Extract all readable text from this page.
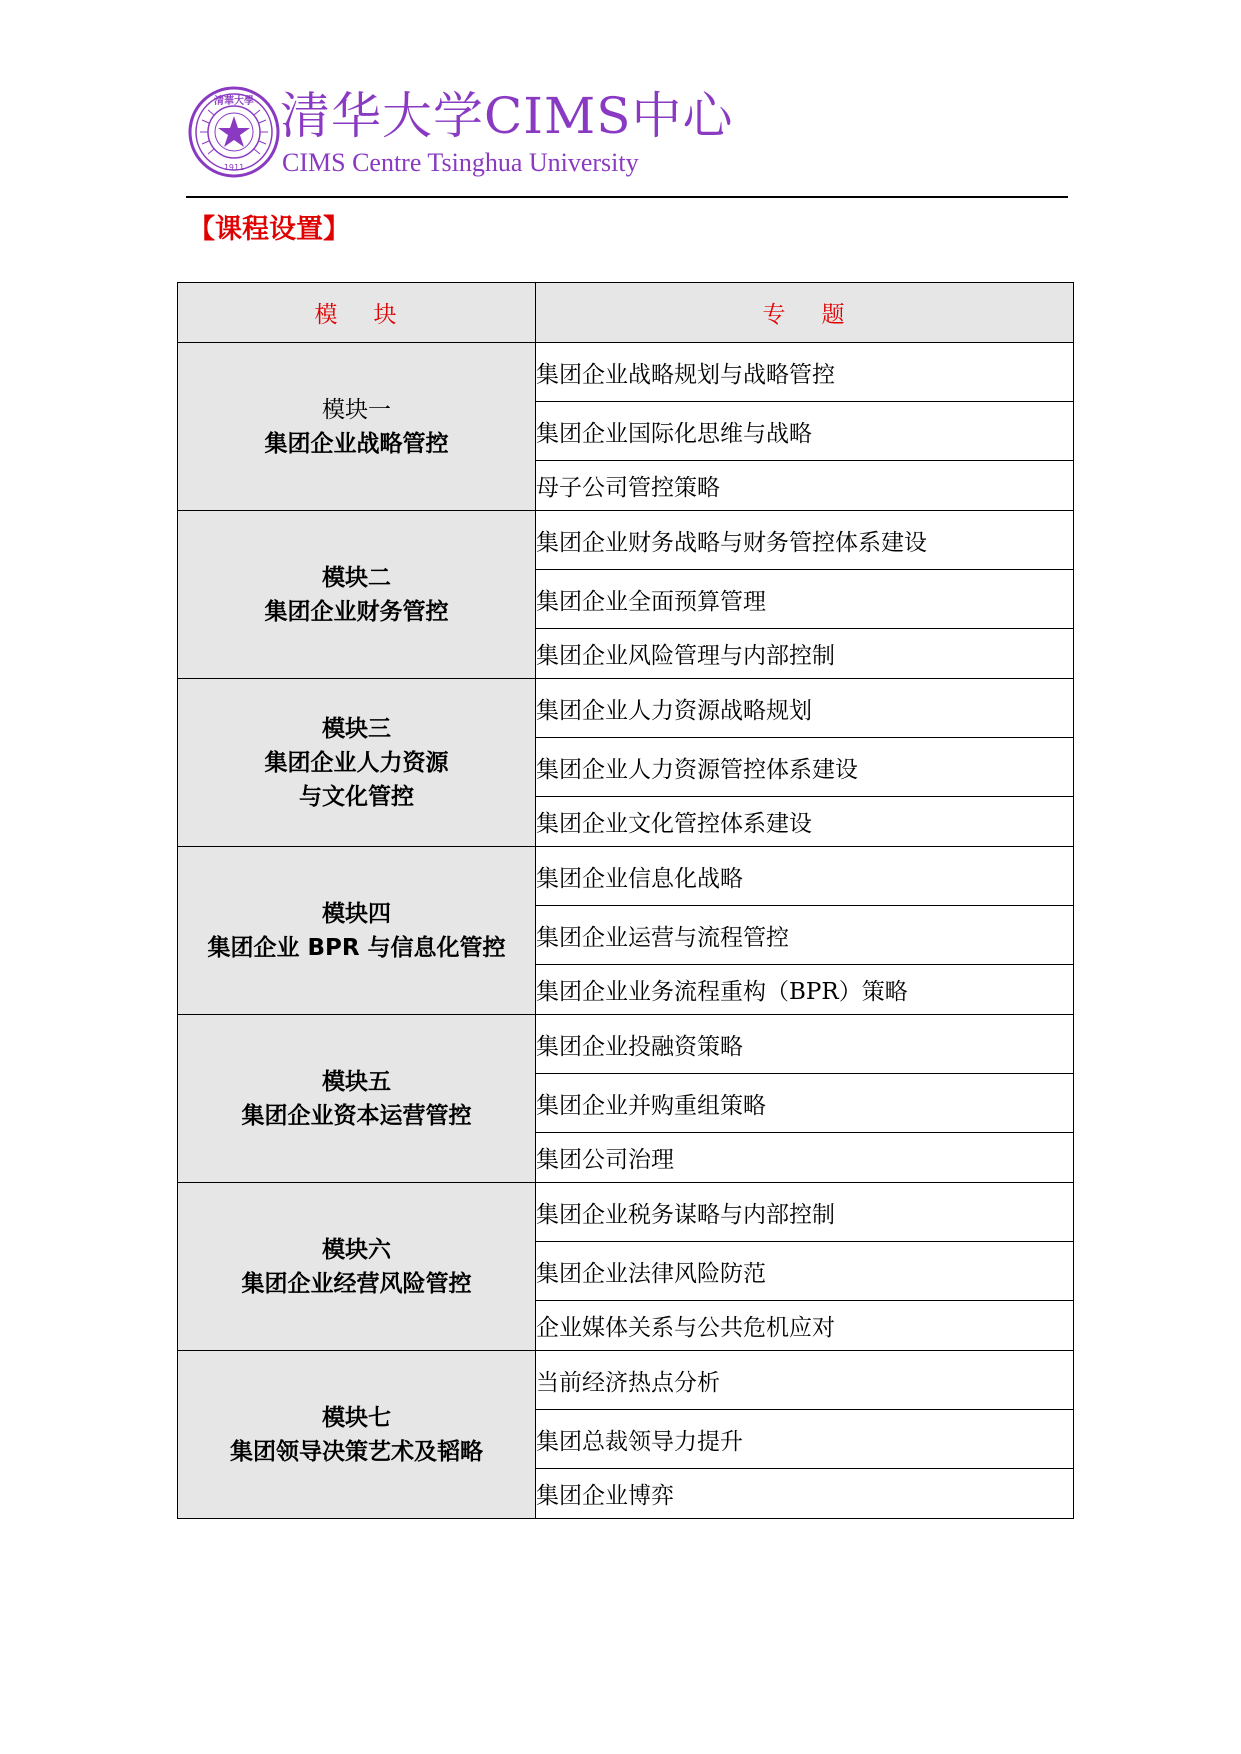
清華大學
1911
清华大学CIMS中心
CIMS Centre Tsinghua University
【课程设置】
模 块	专 题

模块一
集团企业战略管控	集团企业战略规划与战略管控
	集团企业国际化思维与战略
	母子公司管控策略

模块二
集团企业财务管控	集团企业财务战略与财务管控体系建设
	集团企业全面预算管理
	集团企业风险管理与内部控制

模块三
集团企业人力资源
与文化管控	集团企业人力资源战略规划
	集团企业人力资源管控体系建设
	集团企业文化管控体系建设

模块四
集团企业 BPR 与信息化管控	集团企业信息化战略
	集团企业运营与流程管控
	集团企业业务流程重构（BPR）策略

模块五
集团企业资本运营管控	集团企业投融资策略
	集团企业并购重组策略
	集团公司治理

模块六
集团企业经营风险管控	集团企业税务谋略与内部控制
	集团企业法律风险防范
	企业媒体关系与公共危机应对

模块七
集团领导决策艺术及韬略	当前经济热点分析
	集团总裁领导力提升
	集团企业博弈
